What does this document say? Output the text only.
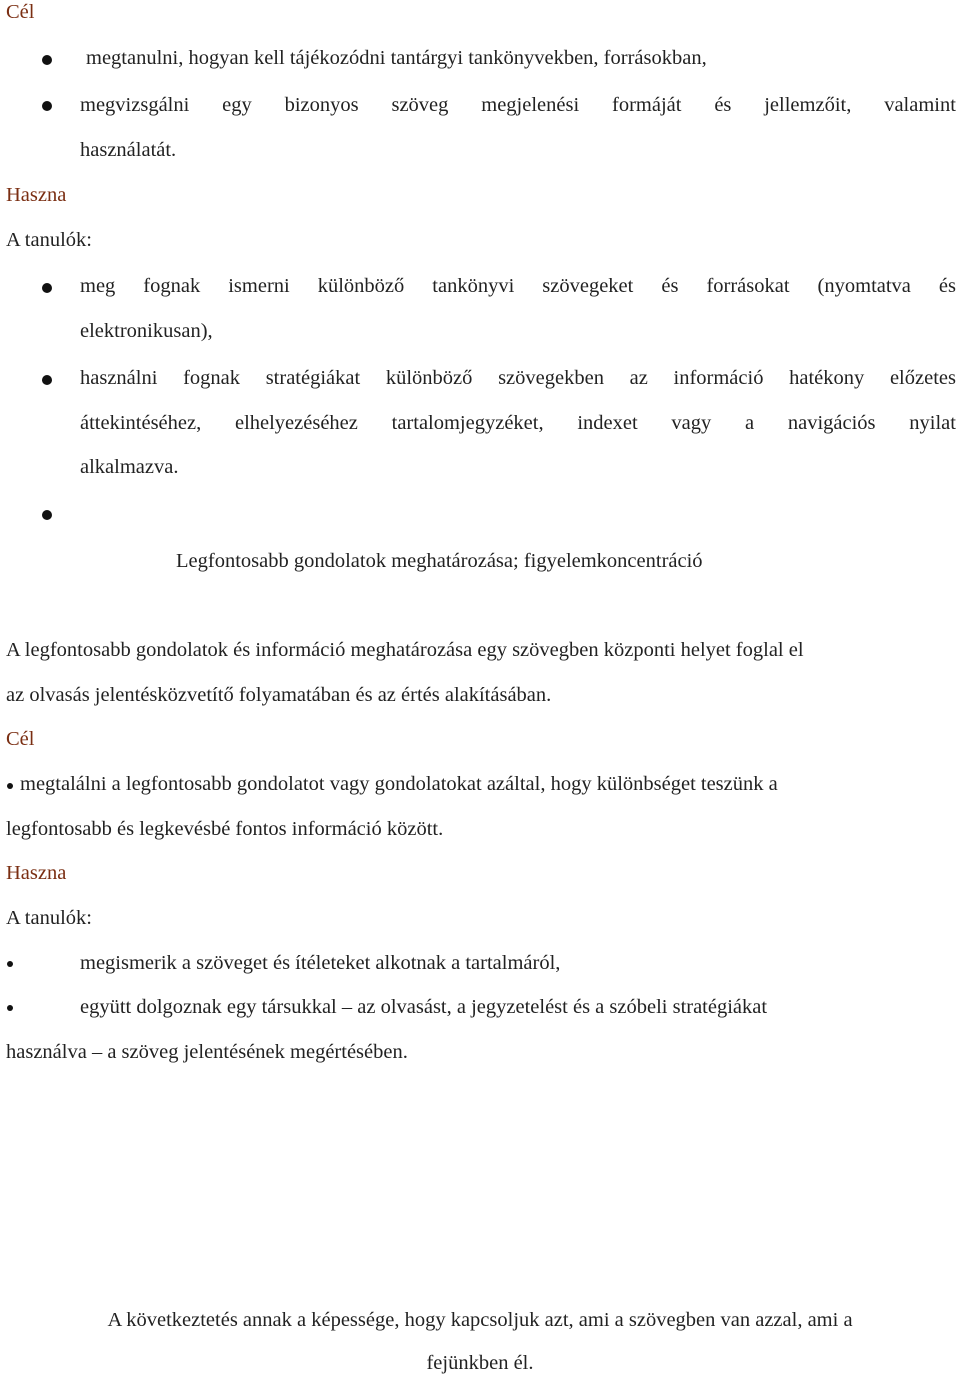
Cél
megtanulni, hogyan kell tájékozódni tantárgyi tankönyvekben, forrásokban,
megvizsgálni egy bizonyos szöveg megjelenési formáját és jellemzőit, valamint
használatát.
Haszna
A tanulók:
meg fognak ismerni különböző tankönyvi szövegeket és forrásokat (nyomtatva és
elektronikusan),
használni fognak stratégiákat különböző szövegekben az információ hatékony előzetes
áttekintéséhez, elhelyezéséhez tartalomjegyzéket, indexet vagy a navigációs nyilat
alkalmazva.
Legfontosabb gondolatok meghatározása; figyelemkoncentráció
A legfontosabb gondolatok és információ meghatározása egy szövegben központi helyet foglal el
az olvasás jelentésközvetítő folyamatában és az értés alakításában.
Cél
megtalálni a legfontosabb gondolatot vagy gondolatokat azáltal, hogy különbséget teszünk a
legfontosabb és legkevésbé fontos információ között.
Haszna
A tanulók:
megismerik a szöveget és ítéleteket alkotnak a tartalmáról,
együtt dolgoznak egy társukkal – az olvasást, a jegyzetelést és a szóbeli stratégiákat
használva – a szöveg jelentésének megértésében.
A következtetés annak a képessége, hogy kapcsoljuk azt, ami a szövegben van azzal, ami a
fejünkben él.
